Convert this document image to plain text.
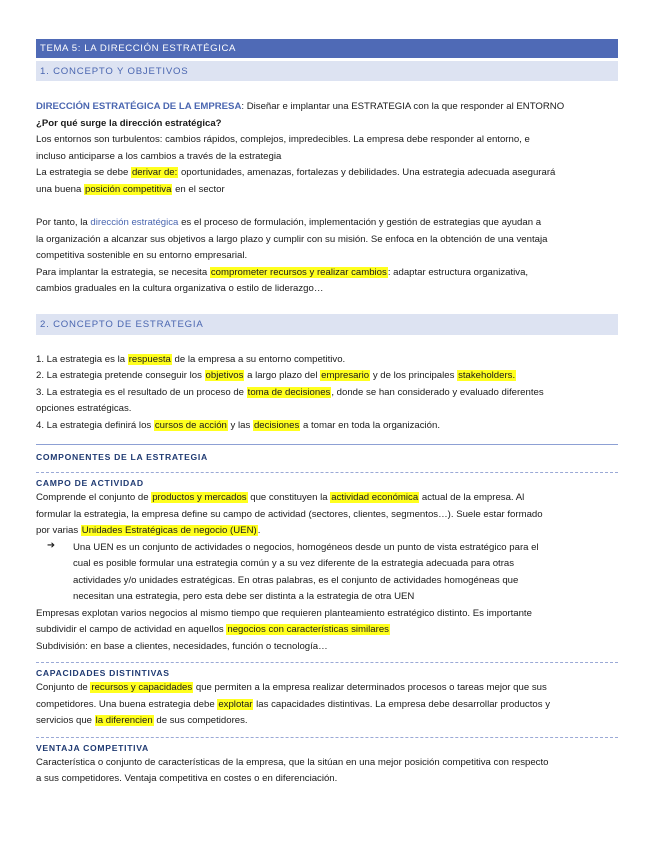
TEMA 5: LA DIRECCIÓN ESTRATÉGICA
1. CONCEPTO Y OBJETIVOS

DIRECCIÓN ESTRATÉGICA DE LA EMPRESA: Diseñar e implantar una ESTRATEGIA con la que responder al ENTORNO

¿Por qué surge la dirección estratégica?

Los entornos son turbulentos: cambios rápidos, complejos, impredecibles. La empresa debe responder al entorno, e

incluso anticiparse a los cambios a través de la estrategia

La estrategia se debe derivar de: oportunidades, amenazas, fortalezas y debilidades. Una estrategia adecuada asegurará

una buena posición competitiva en el sector

Por tanto, la dirección estratégica es el proceso de formulación, implementación y gestión de estrategias que ayudan a

la organización a alcanzar sus objetivos a largo plazo y cumplir con su misión. Se enfoca en la obtención de una ventaja

competitiva sostenible en su entorno empresarial.

Para implantar la estrategia, se necesita comprometer recursos y realizar cambios: adaptar estructura organizativa,

cambios graduales en la cultura organizativa o estilo de liderazgo…

2. CONCEPTO DE ESTRATEGIA

1. La estrategia es la respuesta de la empresa a su entorno competitivo.

2. La estrategia pretende conseguir los objetivos a largo plazo del empresario y de los principales stakeholders.

3. La estrategia es el resultado de un proceso de toma de decisiones, donde se han considerado y evaluado diferentes

opciones estratégicas.

4. La estrategia definirá los cursos de acción y las decisiones a tomar en toda la organización.

COMPONENTES DE LA ESTRATEGIA
CAMPO DE ACTIVIDAD

Comprende el conjunto de productos y mercados que constituyen la actividad económica actual de la empresa. Al

formular la estrategia, la empresa define su campo de actividad (sectores, clientes, segmentos…). Suele estar formado

por varias Unidades Estratégicas de negocio (UEN).

➔ Una UEN es un conjunto de actividades o negocios, homogéneos desde un punto de vista estratégico para el

cual es posible formular una estrategia común y a su vez diferente de la estrategia adecuada para otras

actividades y/o unidades estratégicas. En otras palabras, es el conjunto de actividades homogéneas que

necesitan una estrategia, pero esta debe ser distinta a la estrategia de otra UEN

Empresas explotan varios negocios al mismo tiempo que requieren planteamiento estratégico distinto. Es importante

subdividir el campo de actividad en aquellos negocios con características similares

Subdivisión: en base a clientes, necesidades, función o tecnología…

CAPACIDADES DISTINTIVAS

Conjunto de recursos y capacidades que permiten a la empresa realizar determinados procesos o tareas mejor que sus

competidores. Una buena estrategia debe explotar las capacidades distintivas. La empresa debe desarrollar productos y

servicios que la diferencien de sus competidores.

VENTAJA COMPETITIVA

Característica o conjunto de características de la empresa, que la sitúan en una mejor posición competitiva con respecto

a sus competidores. Ventaja competitiva en costes o en diferenciación.
